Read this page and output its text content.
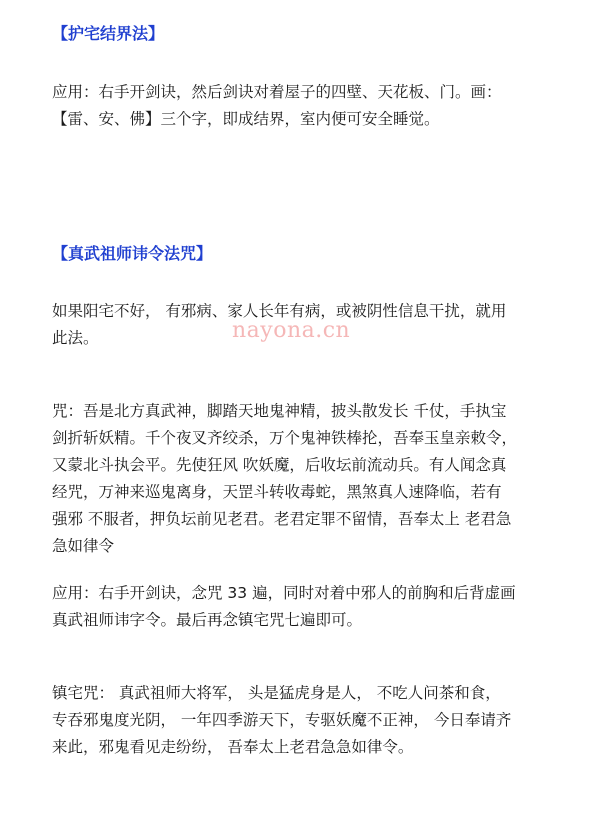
【护宅结界法】
应用：右手开剑诀，然后剑诀对着屋子的四壁、天花板、门。画：
【雷、安、佛】三个字，即成结界，室内便可安全睡觉。
【真武祖师讳令法咒】
如果阳宅不好， 有邪病、家人长年有病，或被阴性信息干扰，就用
此法。	nayona.cn
咒：吾是北方真武神，脚踏天地鬼神精，披头散发长 千仗，手执宝
剑折斩妖精。千个夜叉齐绞杀，万个鬼神铁棒抡，吾奉玉皇亲敕令，
又蒙北斗执会平。先使狂风 吹妖魔，后收坛前流动兵。有人闻念真
经咒，万神来巡鬼离身，天罡斗转收毒蛇，黑煞真人速降临，若有
强邪 不服者，押负坛前见老君。老君定罪不留情，吾奉太上 老君急
急如律令
应用：右手开剑诀，念咒 33 遍，同时对着中邪人的前胸和后背虚画
真武祖师讳字令。最后再念镇宅咒七遍即可。
镇宅咒： 真武祖师大将军， 头是猛虎身是人， 不吃人问茶和食，
专吞邪鬼度光阴， 一年四季游天下，专驱妖魔不正神， 今日奉请齐
来此，邪鬼看见走纷纷， 吾奉太上老君急急如律令。
